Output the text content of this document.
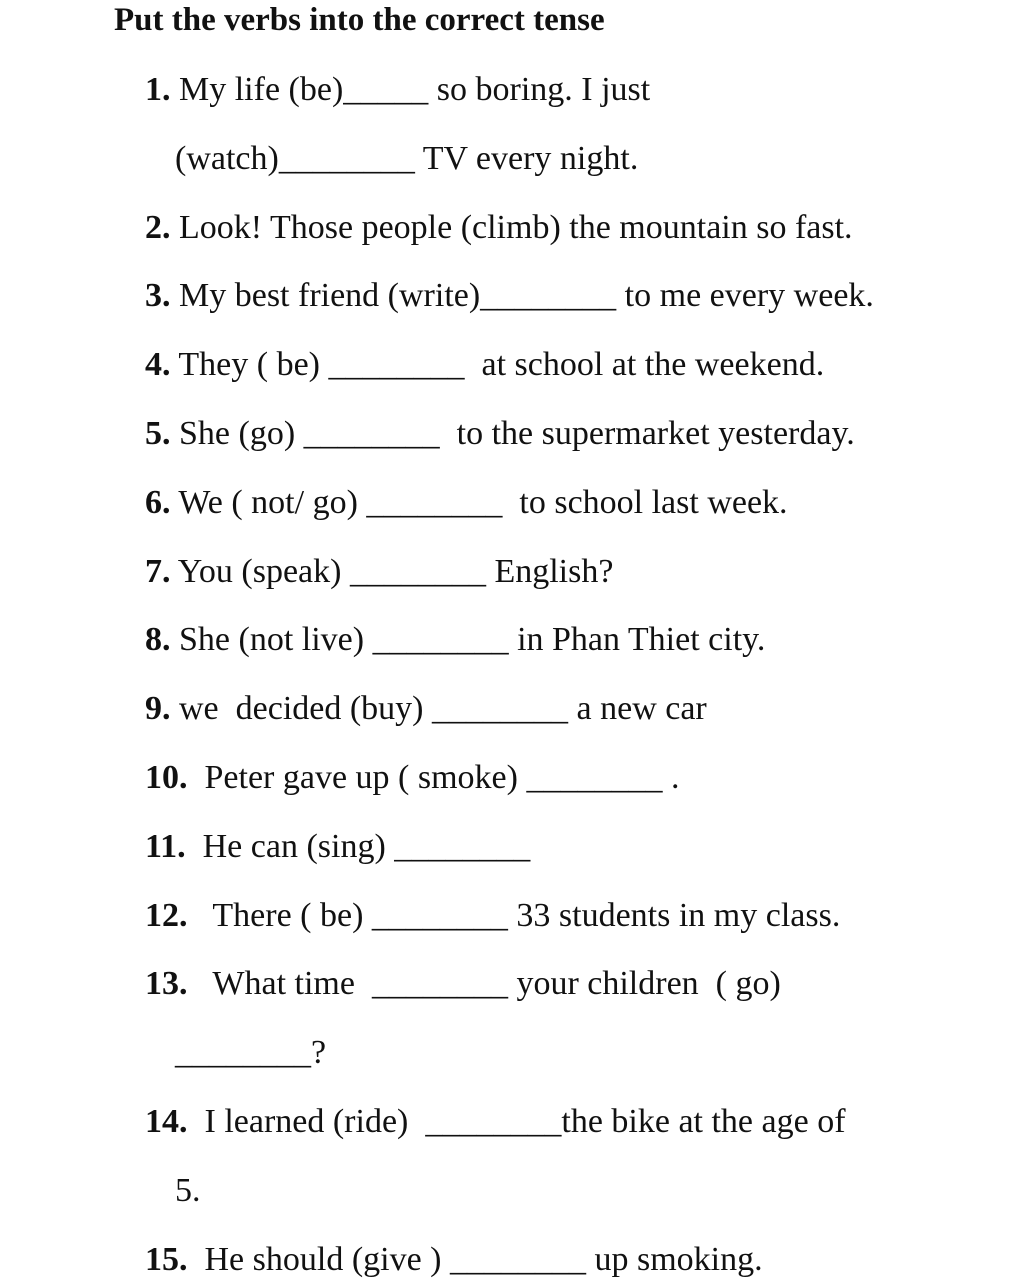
Put the verbs into the correct tense
1. My life (be)_____ so boring. I just
(watch)________ TV every night.
2. Look! Those people (climb) the mountain so fast.
3. My best friend (write)________ to me every week.
4. They ( be) ________  at school at the weekend.
5. She (go) ________  to the supermarket yesterday.
6. We ( not/ go) ________  to school last week.
7. You (speak) ________ English?
8. She (not live) ________ in Phan Thiet city.
9. we  decided (buy) ________ a new car
10. Peter gave up ( smoke) ________ .
11. He can (sing) ________
12.   There ( be) ________ 33 students in my class.
13.   What time  ________ your children  ( go)
________?
14. I learned (ride)  ________the bike at the age of
5.
15. He should (give ) ________ up smoking.
